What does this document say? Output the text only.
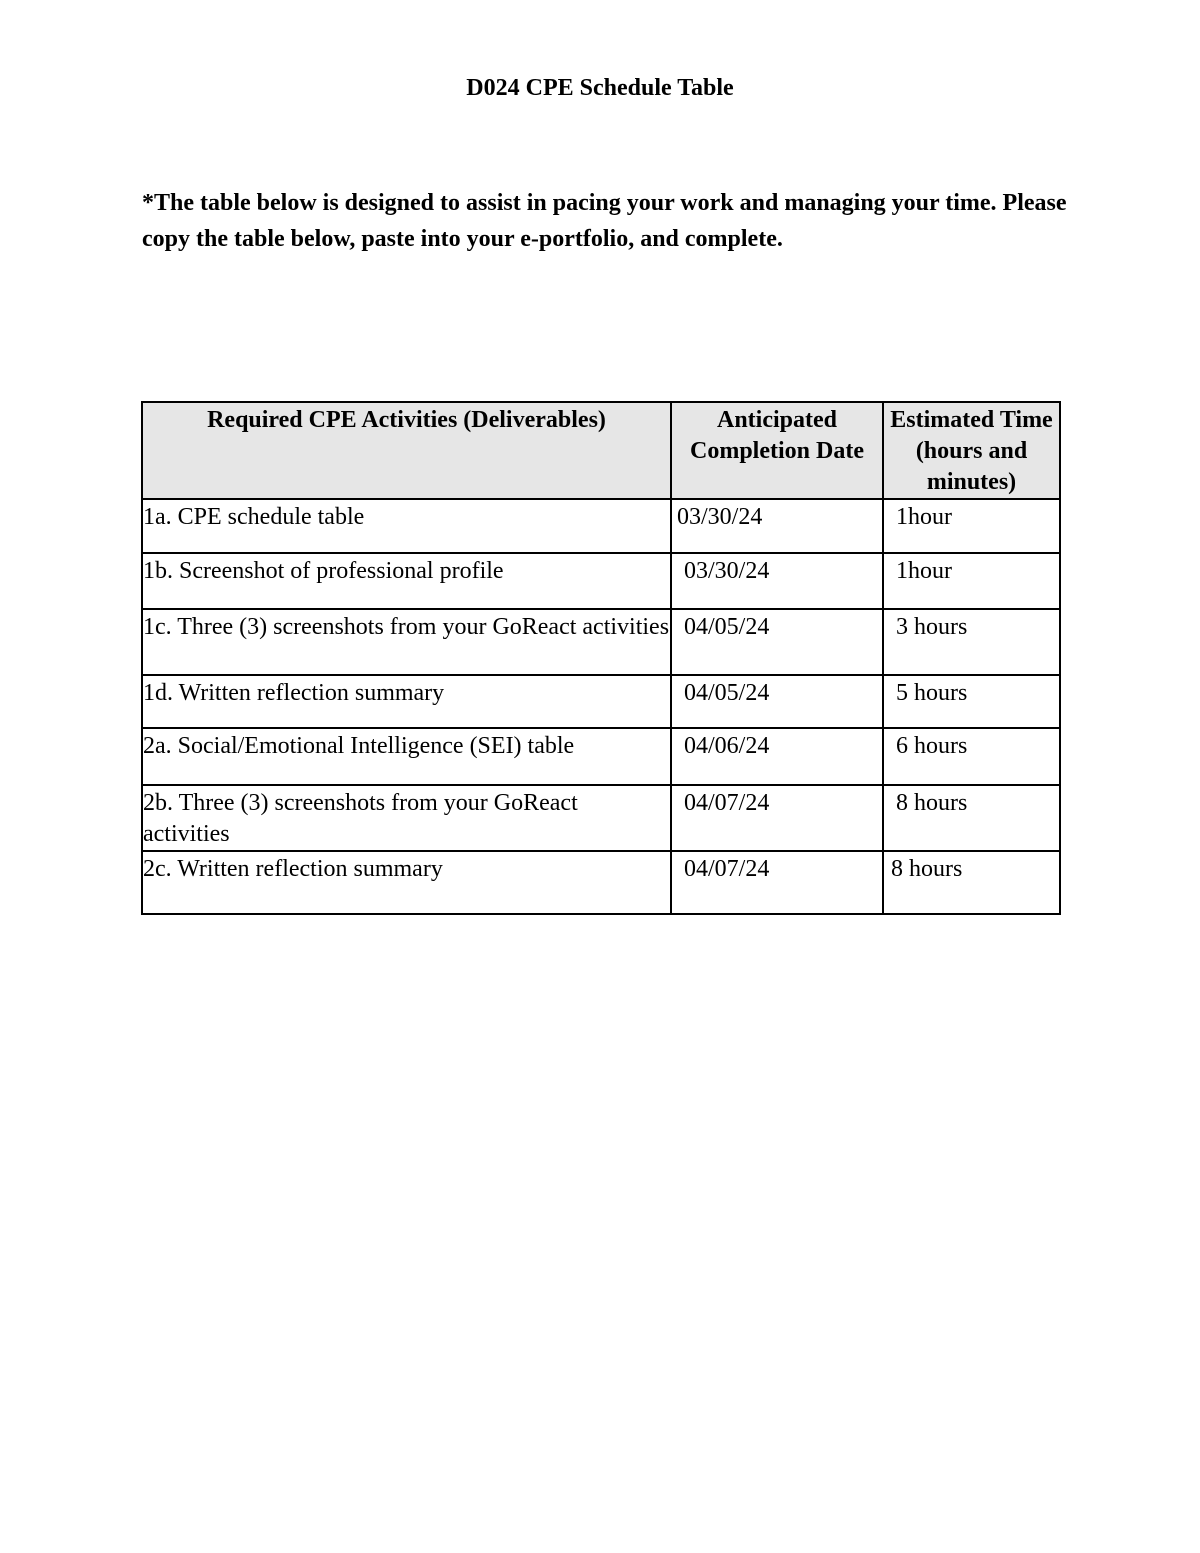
D024 CPE Schedule Table
*The table below is designed to assist in pacing your work and managing your time. Please copy the table below, paste into your e-portfolio, and complete.
Required CPE Activities (Deliverables)	Anticipated Completion Date	Estimated Time (hours and minutes)
1a. CPE schedule table	03/30/24	1hour
1b. Screenshot of professional profile	03/30/24	1hour
1c. Three (3) screenshots from your GoReact activities	04/05/24	3 hours
1d. Written reflection summary	04/05/24	5 hours
2a. Social/Emotional Intelligence (SEI) table	04/06/24	6 hours
2b. Three (3) screenshots from your GoReact activities	04/07/24	8 hours
2c. Written reflection summary	04/07/24	8 hours
